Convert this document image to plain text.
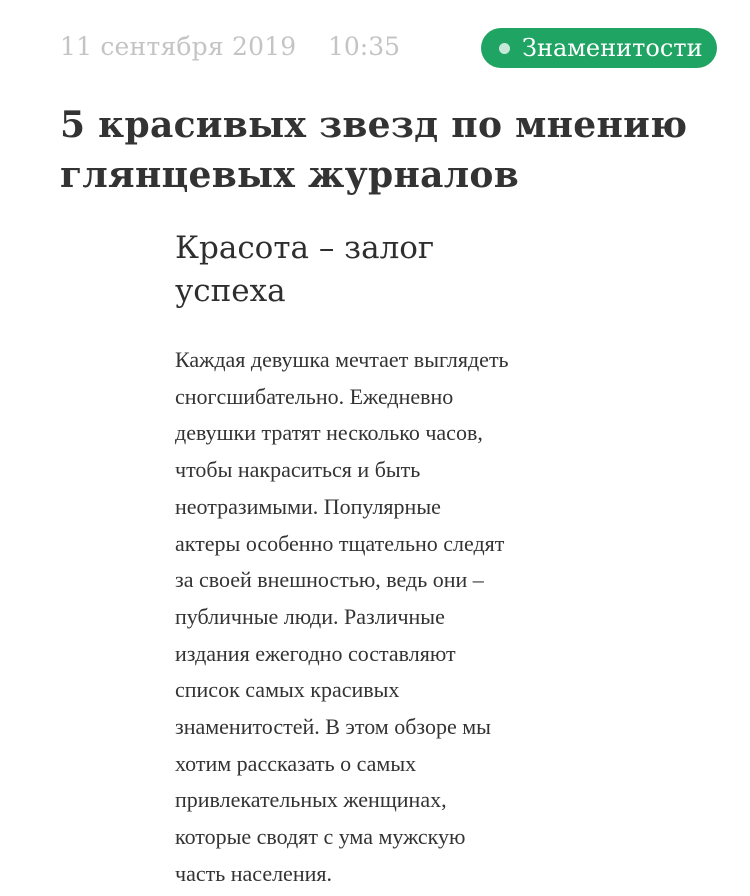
11 сентября 2019 10:35	Знаменитости
5 красивых звезд по мнению
глянцевых журналов
Красота – залог
успеха

Каждая девушка мечтает выглядеть
сногсшибательно. Ежедневно
девушки тратят несколько часов,
чтобы накраситься и быть
неотразимыми. Популярные
актеры особенно тщательно следят
за своей внешностью, ведь они –
публичные люди. Различные
издания ежегодно составляют
список самых красивых
знаменитостей. В этом обзоре мы
хотим рассказать о самых
привлекательных женщинах,
которые сводят с ума мужскую
часть населения.
